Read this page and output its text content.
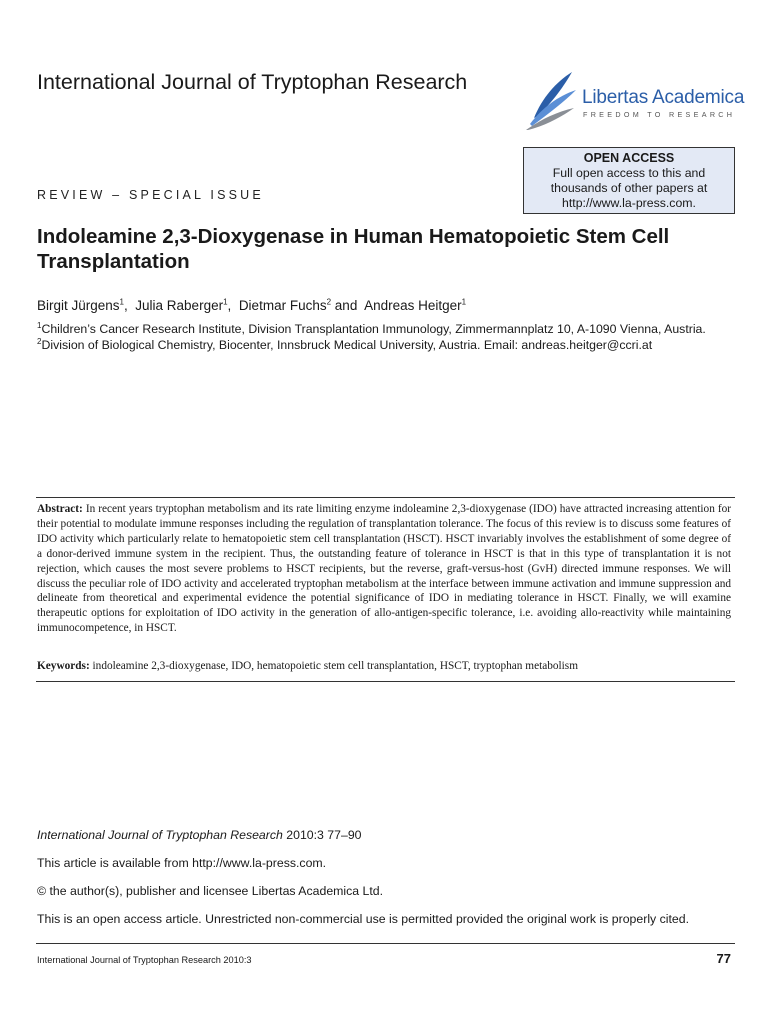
International Journal of Tryptophan Research
Libertas Academica
FREEDOM TO RESEARCH
OPEN ACCESS
Full open access to this and
thousands of other papers at
http://www.la-press.com.
REVIEW – SPECIAL ISSUE
Indoleamine 2,3-Dioxygenase in Human Hematopoietic Stem Cell Transplantation
Birgit Jürgens$^1$,  Julia Raberger$^1$,  Dietmar Fuchs$^2$ and  Andreas Heitger$^1$
$^1$Children’s Cancer Research Institute, Division Transplantation Immunology, Zimmermannplatz 10, A-1090 Vienna, Austria. $^2$Division of Biological Chemistry, Biocenter, Innsbruck Medical University, Austria. Email: andreas.heitger@ccri.at
Abstract: In recent years tryptophan metabolism and its rate limiting enzyme indoleamine 2,3-dioxygenase (IDO) have attracted increasing attention for their potential to modulate immune responses including the regulation of transplantation tolerance. The focus of this review is to discuss some features of IDO activity which particularly relate to hematopoietic stem cell transplantation (HSCT). HSCT invariably involves the establishment of some degree of a donor-derived immune system in the recipient. Thus, the outstanding feature of tolerance in HSCT is that in this type of transplantation it is not rejection, which causes the most severe problems to HSCT recipients, but the reverse, graft-versus-host (GvH) directed immune responses. We will discuss the peculiar role of IDO activity and accelerated tryptophan metabolism at the interface between immune activation and immune suppression and delineate from theoretical and experimental evidence the potential significance of IDO in mediating tolerance in HSCT. Finally, we will examine therapeutic options for exploitation of IDO activity in the generation of allo-antigen-specific tolerance, i.e. avoiding allo-reactivity while maintaining immunocompetence, in HSCT.
Keywords: indoleamine 2,3-dioxygenase, IDO, hematopoietic stem cell transplantation, HSCT, tryptophan metabolism
International Journal of Tryptophan Research 2010:3 77–90
This article is available from http://www.la-press.com.
© the author(s), publisher and licensee Libertas Academica Ltd.
This is an open access article. Unrestricted non-commercial use is permitted provided the original work is properly cited.
International Journal of Tryptophan Research 2010:3	77
